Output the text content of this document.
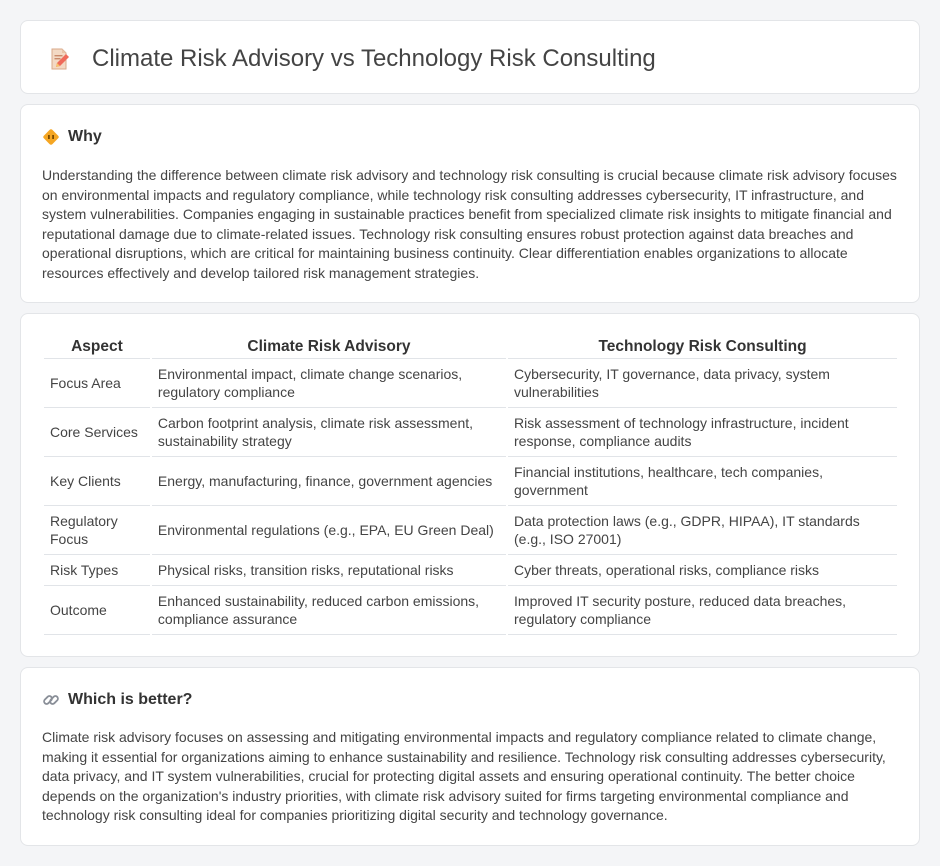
Climate Risk Advisory vs Technology Risk Consulting
Why

Understanding the difference between climate risk advisory and technology risk consulting is crucial because climate risk advisory focuses on environmental impacts and regulatory compliance, while technology risk consulting addresses cybersecurity, IT infrastructure, and system vulnerabilities. Companies engaging in sustainable practices benefit from specialized climate risk insights to mitigate financial and reputational damage due to climate-related issues. Technology risk consulting ensures robust protection against data breaches and operational disruptions, which are critical for maintaining business continuity. Clear differentiation enables organizations to allocate resources effectively and develop tailored risk management strategies.

Aspect	Climate Risk Advisory	Technology Risk Consulting
Focus Area	Environmental impact, climate change scenarios, regulatory compliance	Cybersecurity, IT governance, data privacy, system vulnerabilities
Core Services	Carbon footprint analysis, climate risk assessment, sustainability strategy	Risk assessment of technology infrastructure, incident response, compliance audits
Key Clients	Energy, manufacturing, finance, government agencies	Financial institutions, healthcare, tech companies, government
Regulatory Focus	Environmental regulations (e.g., EPA, EU Green Deal)	Data protection laws (e.g., GDPR, HIPAA), IT standards (e.g., ISO 27001)
Risk Types	Physical risks, transition risks, reputational risks	Cyber threats, operational risks, compliance risks
Outcome	Enhanced sustainability, reduced carbon emissions, compliance assurance	Improved IT security posture, reduced data breaches, regulatory compliance
Which is better?

Climate risk advisory focuses on assessing and mitigating environmental impacts and regulatory compliance related to climate change, making it essential for organizations aiming to enhance sustainability and resilience. Technology risk consulting addresses cybersecurity, data privacy, and IT system vulnerabilities, crucial for protecting digital assets and ensuring operational continuity. The better choice depends on the organization's industry priorities, with climate risk advisory suited for firms targeting environmental compliance and technology risk consulting ideal for companies prioritizing digital security and technology governance.
